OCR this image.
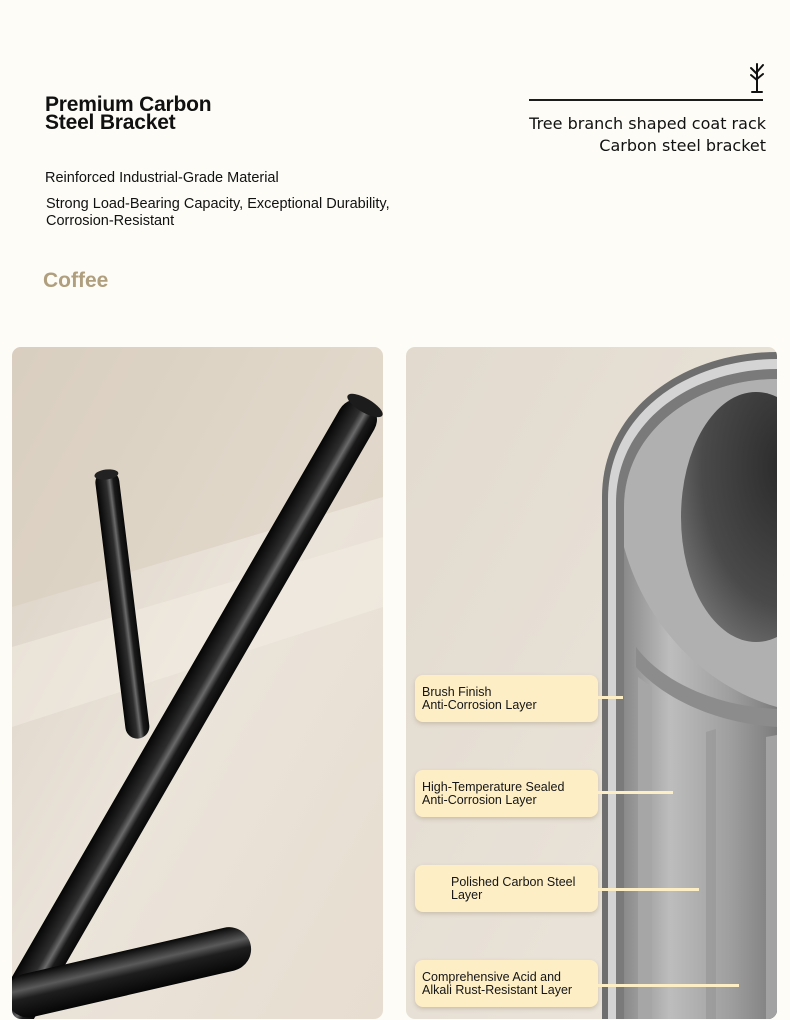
Premium Carbon
Steel Bracket
Reinforced Industrial-Grade Material
Strong Load-Bearing Capacity, Exceptional Durability,
Corrosion-Resistant
Coffee
Tree branch shaped coat rack
Carbon steel bracket
Brush Finish
Anti-Corrosion Layer
High-Temperature Sealed
Anti-Corrosion Layer
Polished Carbon Steel Layer
Comprehensive Acid and
Alkali Rust-Resistant Layer
